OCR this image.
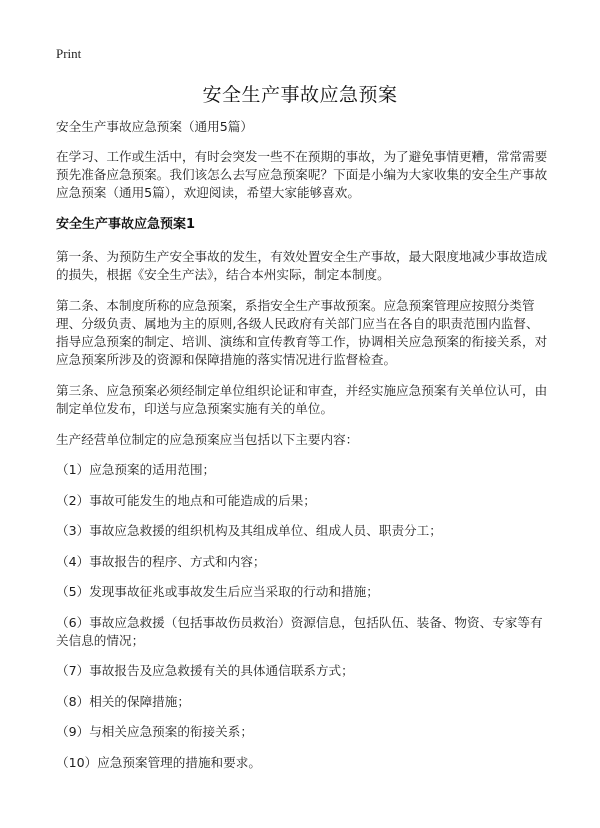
Print
安全生产事故应急预案

安全生产事故应急预案（通用5篇）

在学习、工作或生活中，有时会突发一些不在预期的事故，为了避免事情更糟，常常需要预先准备应急预案。我们该怎么去写应急预案呢？下面是小编为大家收集的安全生产事故应急预案（通用5篇），欢迎阅读，希望大家能够喜欢。

安全生产事故应急预案1

第一条、为预防生产安全事故的发生，有效处置安全生产事故，最大限度地减少事故造成的损失，根据《安全生产法》，结合本州实际，制定本制度。

第二条、本制度所称的应急预案，系指安全生产事故预案。应急预案管理应按照分类管理、分级负责、属地为主的原则,各级人民政府有关部门应当在各自的职责范围内监督、指导应急预案的制定、培训、演练和宣传教育等工作，协调相关应急预案的衔接关系，对应急预案所涉及的资源和保障措施的落实情况进行监督检查。

第三条、应急预案必须经制定单位组织论证和审查，并经实施应急预案有关单位认可，由制定单位发布，印送与应急预案实施有关的单位。

生产经营单位制定的应急预案应当包括以下主要内容：

（1）应急预案的适用范围；

（2）事故可能发生的地点和可能造成的后果；

（3）事故应急救援的组织机构及其组成单位、组成人员、职责分工；

（4）事故报告的程序、方式和内容；

（5）发现事故征兆或事故发生后应当采取的行动和措施；

（6）事故应急救援（包括事故伤员救治）资源信息，包括队伍、装备、物资、专家等有关信息的情况；

（7）事故报告及应急救援有关的具体通信联系方式；

（8）相关的保障措施；

（9）与相关应急预案的衔接关系；

（10）应急预案管理的措施和要求。
